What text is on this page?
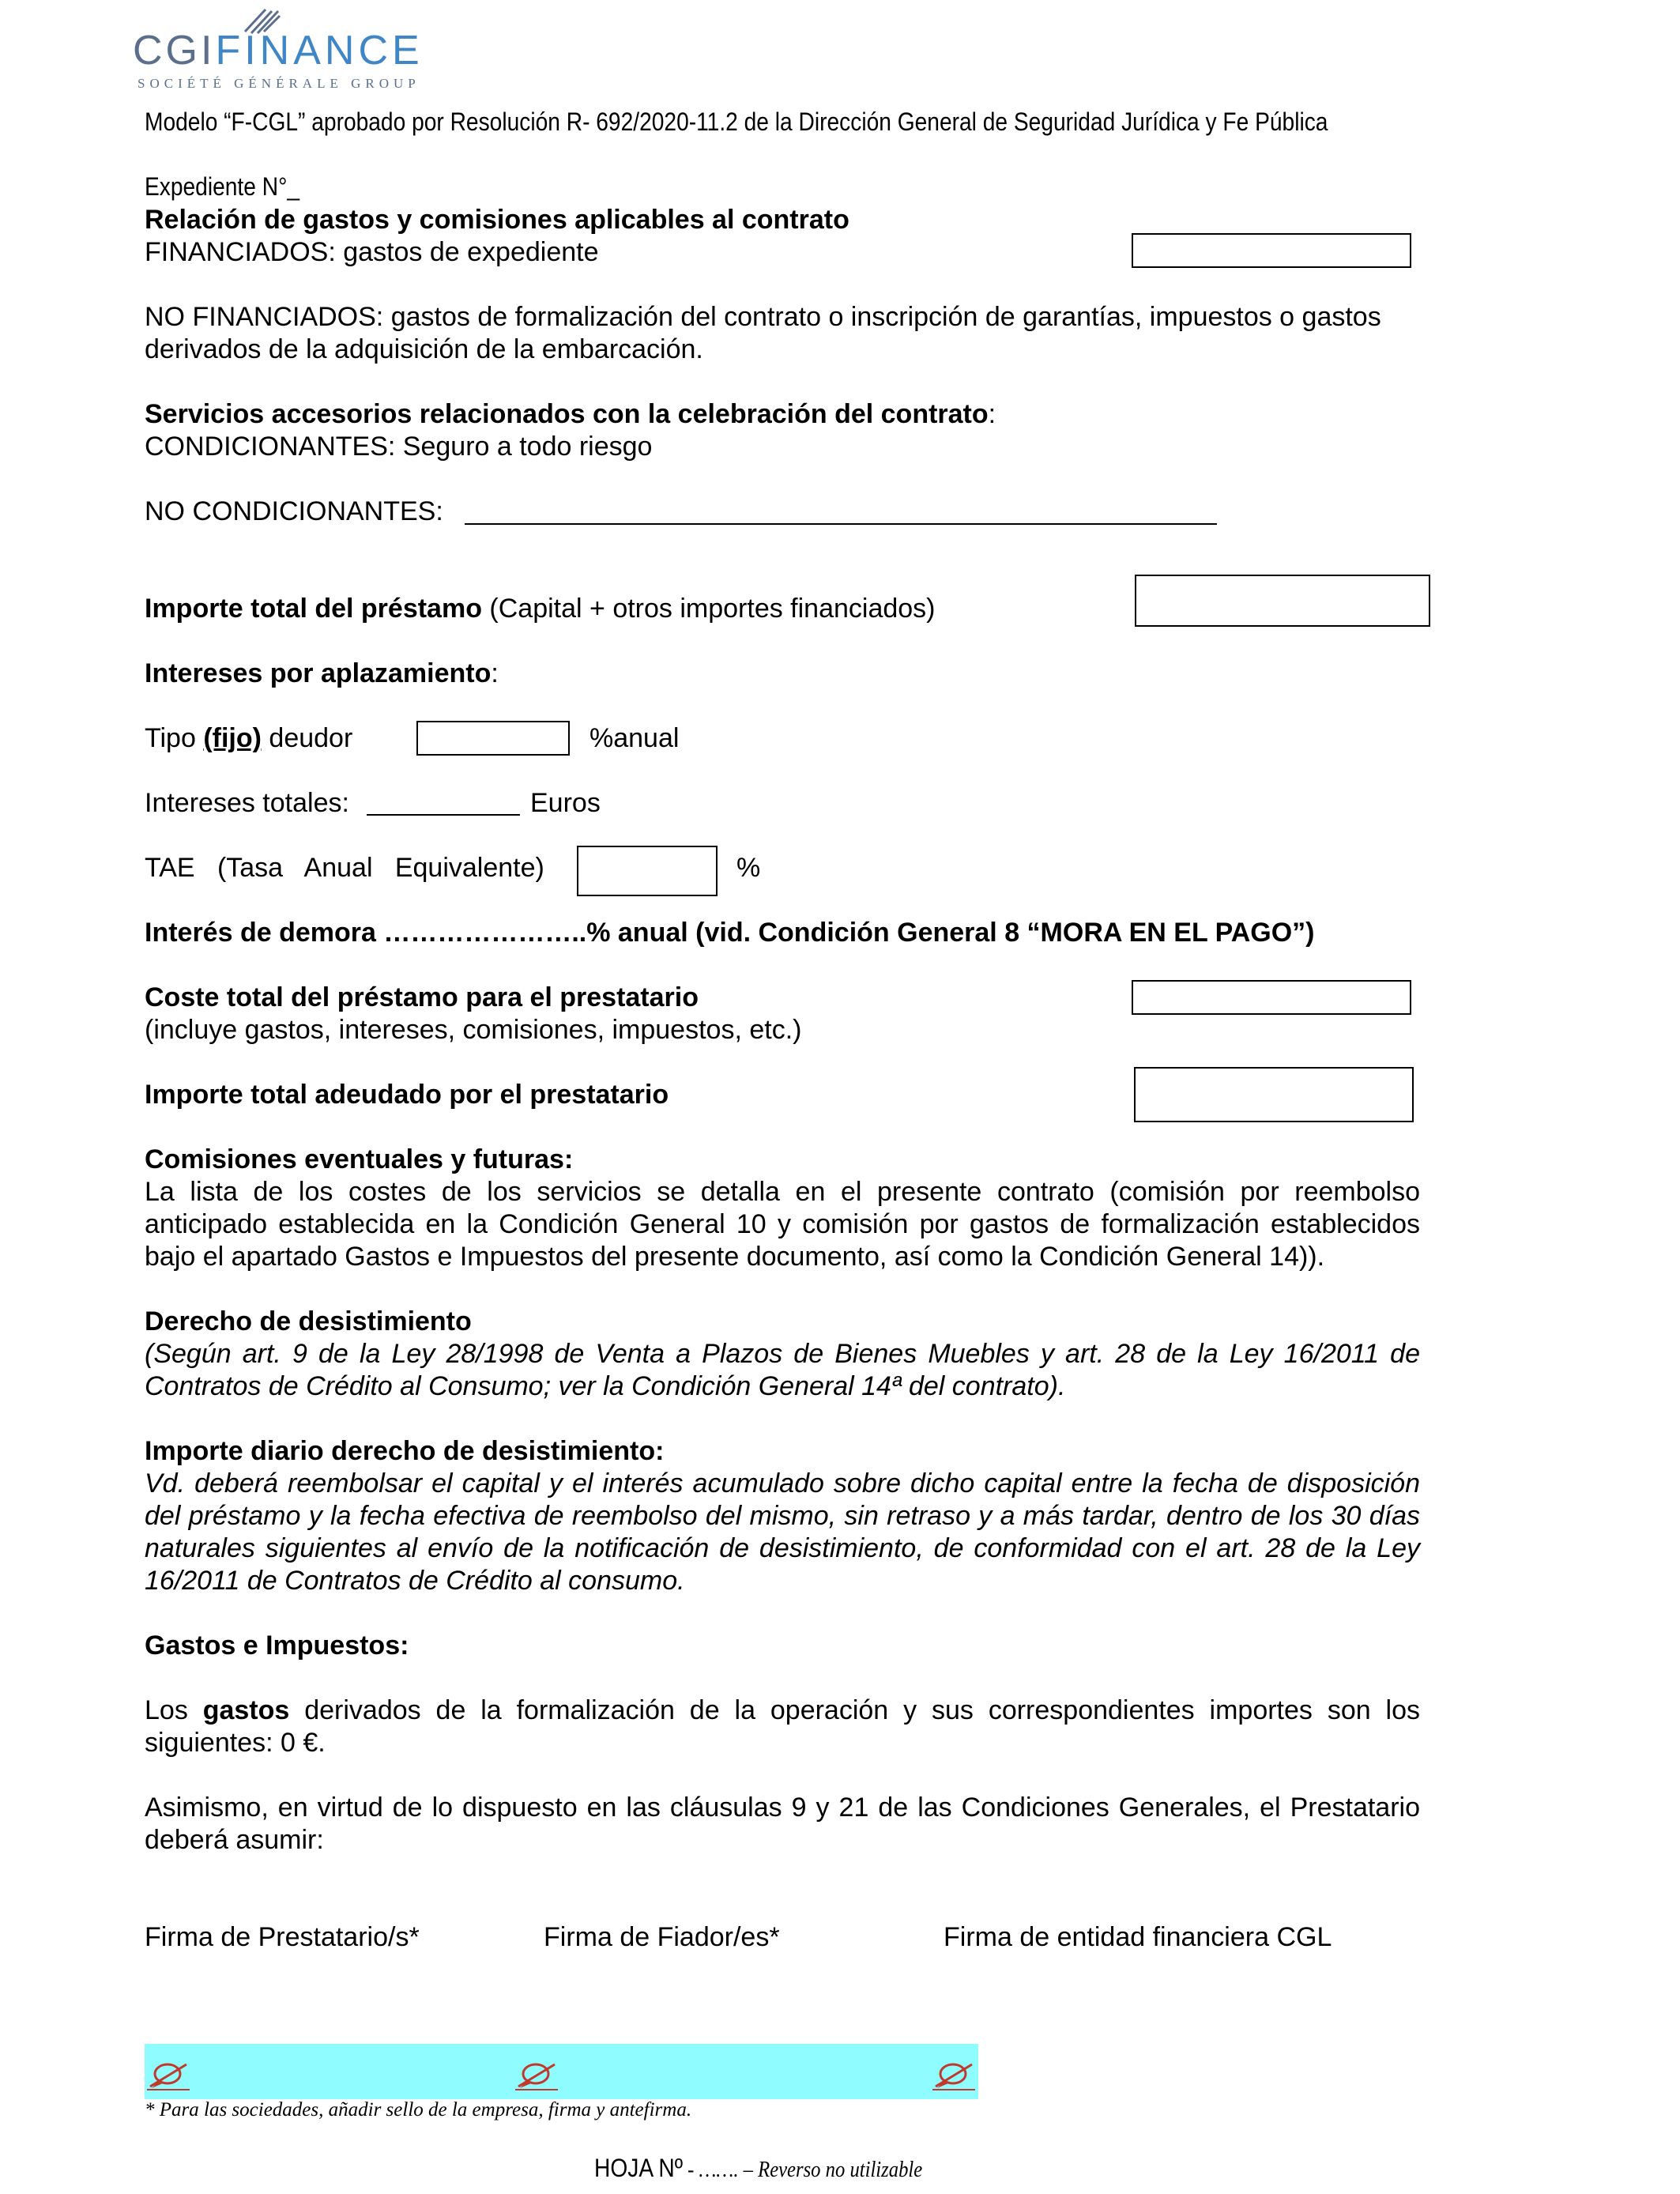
CGIFINANCE
SOCIÉTÉ GÉNÉRALE GROUP
Modelo “F-CGL” aprobado por Resolución R- 692/2020-11.2 de la Dirección General de Seguridad Jurídica y Fe Pública
Expediente N°_
Relación de gastos y comisiones aplicables al contrato
FINANCIADOS: gastos de expediente
NO FINANCIADOS: gastos de formalización del contrato o inscripción de garantías, impuestos o gastos
derivados de la adquisición de la embarcación.
Servicios accesorios relacionados con la celebración del contrato:
CONDICIONANTES: Seguro a todo riesgo
NO CONDICIONANTES:
Importe total del préstamo (Capital + otros importes financiados)
Intereses por aplazamiento:
Tipo (fijo) deudor	%anual
Intereses totales:	Euros
TAE   (Tasa   Anual   Equivalente)	%
Interés de demora …………………..% anual (vid. Condición General 8 “MORA EN EL PAGO”)
Coste total del préstamo para el prestatario
(incluye gastos, intereses, comisiones, impuestos, etc.)
Importe total adeudado por el prestatario
Comisiones eventuales y futuras:
La lista de los costes de los servicios se detalla en el presente contrato (comisión por reembolso anticipado establecida en la Condición General 10 y comisión por gastos de formalización establecidos bajo el apartado Gastos e Impuestos del presente documento, así como la Condición General 14)).
Derecho de desistimiento
(Según art. 9 de la Ley 28/1998 de Venta a Plazos de Bienes Muebles y art. 28 de la Ley 16/2011 de Contratos de Crédito al Consumo; ver la Condición General 14ª del contrato).
Importe diario derecho de desistimiento:
Vd. deberá reembolsar el capital y el interés acumulado sobre dicho capital entre la fecha de disposición del préstamo y la fecha efectiva de reembolso del mismo, sin retraso y a más tardar, dentro de los 30 días naturales siguientes al envío de la notificación de desistimiento, de conformidad con el art. 28 de la Ley 16/2011 de Contratos de Crédito al consumo.
Gastos e Impuestos:
Los gastos derivados de la formalización de la operación y sus correspondientes importes son los siguientes: 0 €.
Asimismo, en virtud de lo dispuesto en las cláusulas 9 y 21 de las Condiciones Generales, el Prestatario deberá asumir:
Firma de Prestatario/s*	Firma de Fiador/es*	Firma de entidad financiera CGL
* Para las sociedades, añadir sello de la empresa, firma y antefirma.
HOJA Nº - ……. – Reverso no utilizable
